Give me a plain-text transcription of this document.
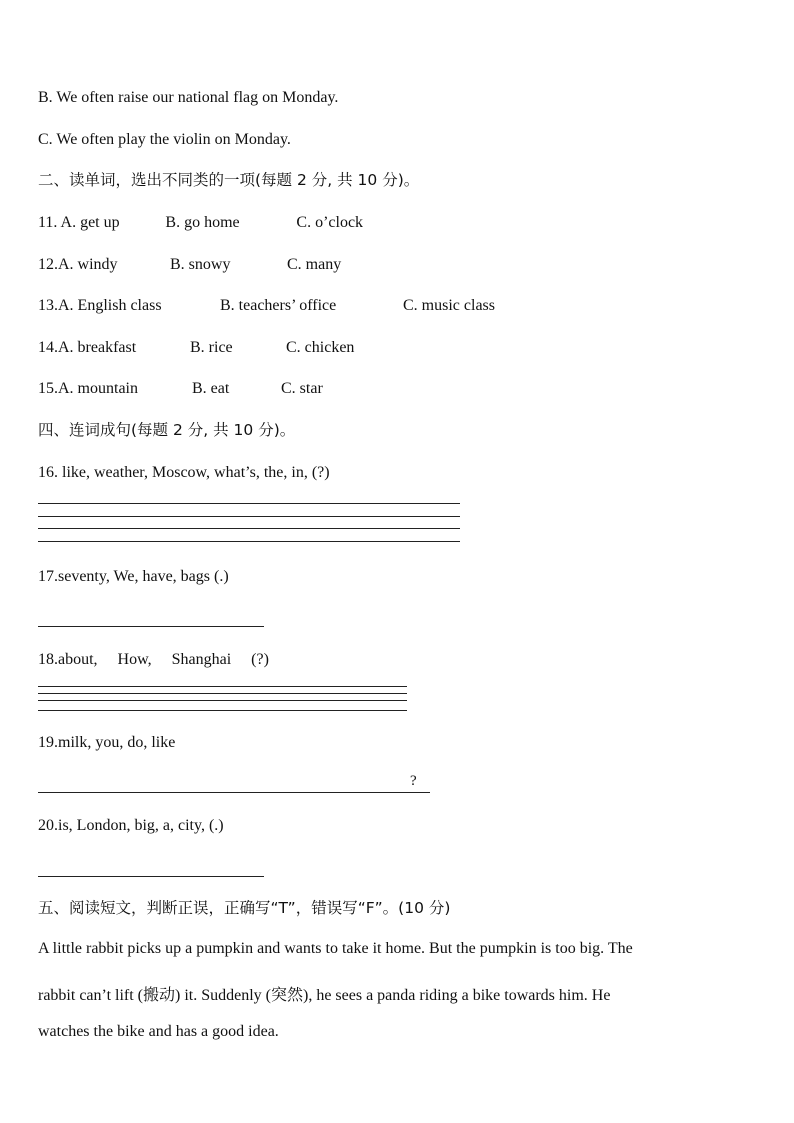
B. We often raise our national flag on Monday.
C. We often play the violin on Monday.
二、读单词，选出不同类的一项(每题 2 分, 共 10 分)。
11. A. get up	B. go home	C. o’clock
12.A. windy	B. snowy	C. many
13.A. English class	B. teachers’ office	C. music class
14.A. breakfast	B. rice	C. chicken
15.A. mountain	B. eat	C. star
四、连词成句(每题 2 分, 共 10 分)。
16. like, weather, Moscow, what’s, the, in, (?)
17.seventy, We, have, bags (.)
18.about,     How,     Shanghai     (?)
19.milk, you, do, like
?
20.is, London, big, a, city, (.)
五、阅读短文，判断正误，正确写“T”，错误写“F”。(10 分)
A little rabbit picks up a pumpkin and wants to take it home. But the pumpkin is too big. The
rabbit can’t lift (搬动) it. Suddenly (突然), he sees a panda riding a bike towards him. He
watches the bike and has a good idea.
